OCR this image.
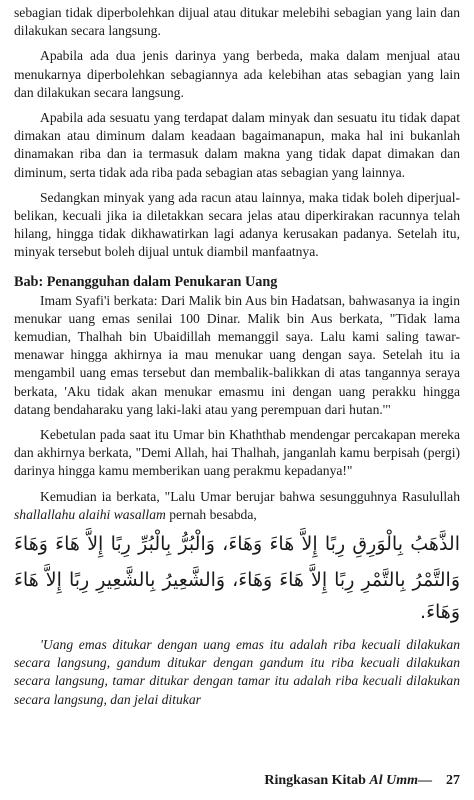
sebagian tidak diperbolehkan dijual atau ditukar melebihi sebagian yang lain dan dilakukan secara langsung.

Apabila ada dua jenis darinya yang berbeda, maka dalam menjual atau menukarnya diperbolehkan sebagiannya ada kelebihan atas sebagian yang lain dan dilakukan secara langsung.

Apabila ada sesuatu yang terdapat dalam minyak dan sesuatu itu tidak dapat dimakan atau diminum dalam keadaan bagaimanapun, maka hal ini bukanlah dinamakan riba dan ia termasuk dalam makna yang tidak dapat dimakan dan diminum, serta tidak ada riba pada sebagian atas sebagian yang lainnya.

Sedangkan minyak yang ada racun atau lainnya, maka tidak boleh diperjual-belikan, kecuali jika ia diletakkan secara jelas atau diperkirakan racunnya telah hilang, hingga tidak dikhawatirkan lagi adanya kerusakan padanya. Setelah itu, minyak tersebut boleh dijual untuk diambil manfaatnya.

Bab: Penangguhan dalam Penukaran Uang

Imam Syafi'i berkata: Dari Malik bin Aus bin Hadatsan, bahwasanya ia ingin menukar uang emas senilai 100 Dinar. Malik bin Aus berkata, "Tidak lama kemudian, Thalhah bin Ubaidillah memanggil saya. Lalu kami saling tawar-menawar hingga akhirnya ia mau menukar uang dengan saya. Setelah itu ia mengambil uang emas tersebut dan membalik-balikkan di atas tangannya seraya berkata, 'Aku tidak akan menukar emasmu ini dengan uang perakku hingga datang bendaharaku yang laki-laki atau yang perempuan dari hutan.'"

Kebetulan pada saat itu Umar bin Khaththab mendengar percakapan mereka dan akhirnya berkata, "Demi Allah, hai Thalhah, janganlah kamu berpisah (pergi) darinya hingga kamu memberikan uang perakmu kepadanya!"

Kemudian ia berkata, "Lalu Umar berujar bahwa sesungguhnya Rasulullah shallallahu alaihi wasallam pernah besabda,

الذَّهَبُ بِالْوَرِقِ رِبًا إِلاَّ هَاءَ وَهَاءَ، وَالْبُرُّ بِالْبُرِّ رِبًا إِلاَّ هَاءَ وَهَاءَ
وَالتَّمْرُ بِالتَّمْرِ رِبًا إِلاَّ هَاءَ وَهَاءَ، وَالشَّعِيرُ بِالشَّعِيرِ رِبًا إِلاَّ هَاءَ وَهَاءَ.

'Uang emas ditukar dengan uang emas itu adalah riba kecuali dilakukan secara langsung, gandum ditukar dengan gandum itu riba kecuali dilakukan secara langsung, tamar ditukar dengan tamar itu adalah riba kecuali dilakukan secara langsung, dan jelai ditukar

Ringkasan Kitab Al Umm— 27
